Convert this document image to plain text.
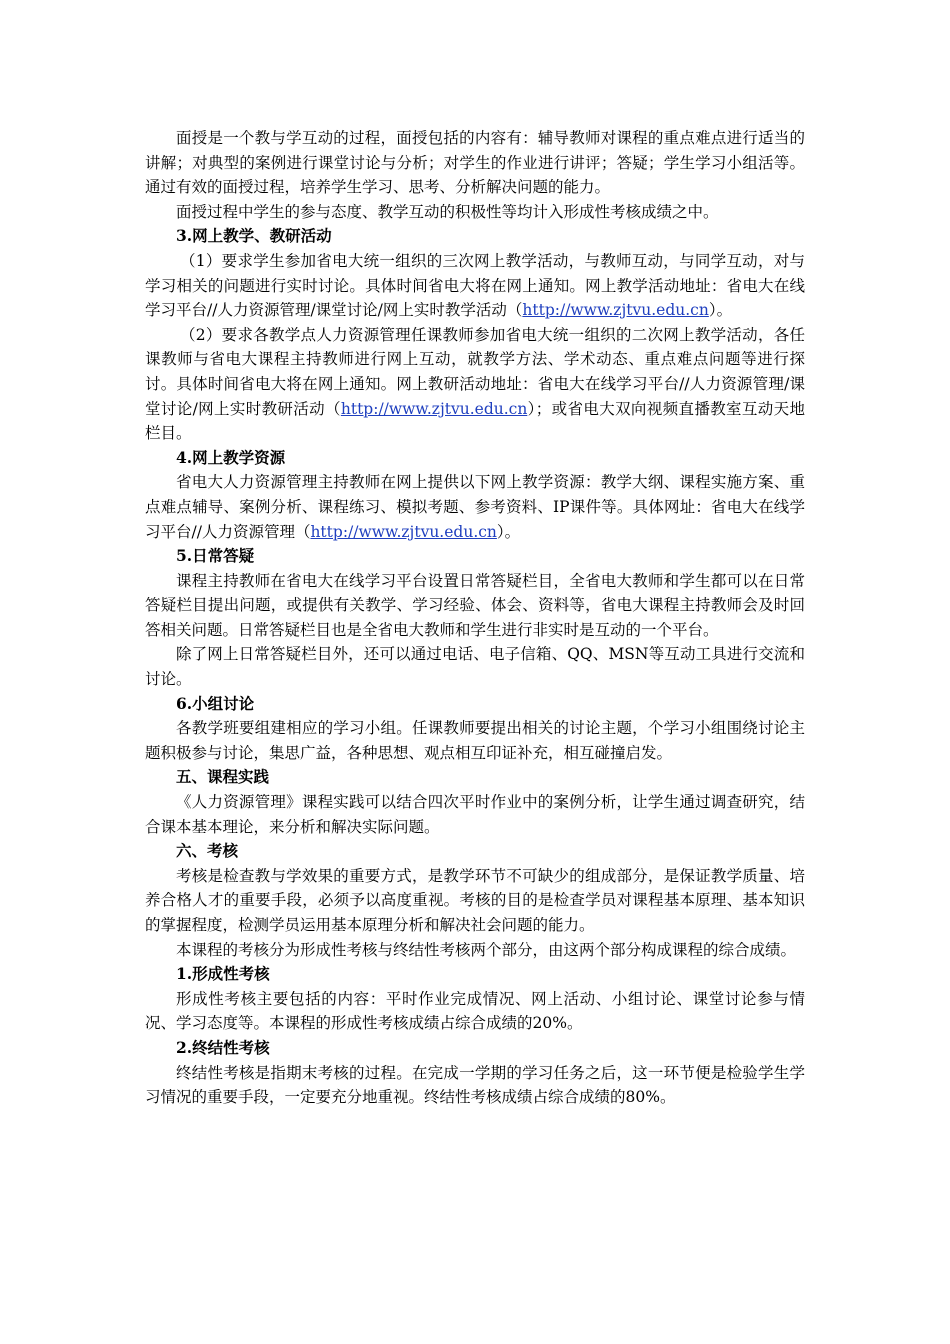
面授是一个教与学互动的过程，面授包括的内容有：辅导教师对课程的重点难点进行适当的讲解；对典型的案例进行课堂讨论与分析；对学生的作业进行讲评；答疑；学生学习小组活等。通过有效的面授过程，培养学生学习、思考、分析解决问题的能力。

面授过程中学生的参与态度、教学互动的积极性等均计入形成性考核成绩之中。

3.网上教学、教研活动

（1）要求学生参加省电大统一组织的三次网上教学活动，与教师互动，与同学互动，对与学习相关的问题进行实时讨论。具体时间省电大将在网上通知。网上教学活动地址：省电大在线学习平台//人力资源管理/课堂讨论/网上实时教学活动（http://www.zjtvu.edu.cn）。

（2）要求各教学点人力资源管理任课教师参加省电大统一组织的二次网上教学活动，各任课教师与省电大课程主持教师进行网上互动，就教学方法、学术动态、重点难点问题等进行探讨。具体时间省电大将在网上通知。网上教研活动地址：省电大在线学习平台//人力资源管理/课堂讨论/网上实时教研活动（http://www.zjtvu.edu.cn）；或省电大双向视频直播教室互动天地栏目。

4.网上教学资源

省电大人力资源管理主持教师在网上提供以下网上教学资源：教学大纲、课程实施方案、重点难点辅导、案例分析、课程练习、模拟考题、参考资料、IP课件等。具体网址：省电大在线学习平台//人力资源管理（http://www.zjtvu.edu.cn）。

5.日常答疑

课程主持教师在省电大在线学习平台设置日常答疑栏目，全省电大教师和学生都可以在日常答疑栏目提出问题，或提供有关教学、学习经验、体会、资料等，省电大课程主持教师会及时回答相关问题。日常答疑栏目也是全省电大教师和学生进行非实时是互动的一个平台。

除了网上日常答疑栏目外，还可以通过电话、电子信箱、QQ、MSN等互动工具进行交流和讨论。

6.小组讨论

各教学班要组建相应的学习小组。任课教师要提出相关的讨论主题，个学习小组围绕讨论主题积极参与讨论，集思广益，各种思想、观点相互印证补充，相互碰撞启发。

五、课程实践

《人力资源管理》课程实践可以结合四次平时作业中的案例分析，让学生通过调查研究，结合课本基本理论，来分析和解决实际问题。

六、考核

考核是检查教与学效果的重要方式，是教学环节不可缺少的组成部分，是保证教学质量、培养合格人才的重要手段，必须予以高度重视。考核的目的是检查学员对课程基本原理、基本知识的掌握程度，检测学员运用基本原理分析和解决社会问题的能力。

本课程的考核分为形成性考核与终结性考核两个部分，由这两个部分构成课程的综合成绩。

1.形成性考核

形成性考核主要包括的内容：平时作业完成情况、网上活动、小组讨论、课堂讨论参与情况、学习态度等。本课程的形成性考核成绩占综合成绩的20%。

2.终结性考核

终结性考核是指期末考核的过程。在完成一学期的学习任务之后，这一环节便是检验学生学习情况的重要手段，一定要充分地重视。终结性考核成绩占综合成绩的80%。
